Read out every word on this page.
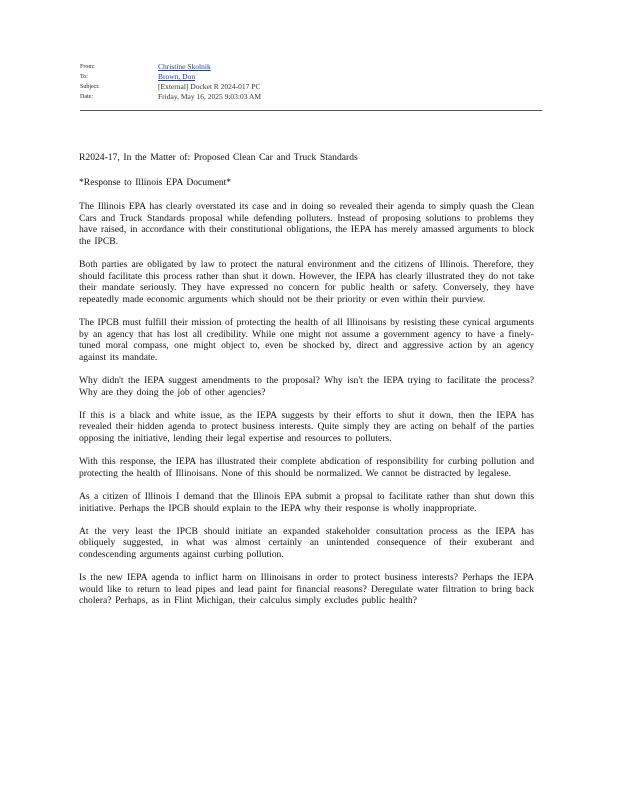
From:	Christine Skolnik
To:	Brown, Don
Subject:	[External] Docket R 2024-017 PC
Date:	Friday, May 16, 2025 9:03:03 AM

R2024-17, In the Matter of: Proposed Clean Car and Truck Standards

*Response to Illinois EPA Document*

The Illinois EPA has clearly overstated its case and in doing so revealed their agenda to simply quash the Clean Cars and Truck Standards proposal while defending polluters. Instead of proposing solutions to problems they have raised, in accordance with their constitutional obligations, the IEPA has merely amassed arguments to block the IPCB.

Both parties are obligated by law to protect the natural environment and the citizens of Illinois. Therefore, they should facilitate this process rather than shut it down. However, the IEPA has clearly illustrated they do not take their mandate seriously. They have expressed no concern for public health or safety. Conversely, they have repeatedly made economic arguments which should not be their priority or even within their purview.

The IPCB must fulfill their mission of protecting the health of all Illinoisans by resisting these cynical arguments by an agency that has lost all credibility. While one might not assume a government agency to have a finely-tuned moral compass, one might object to, even be shocked by, direct and aggressive action by an agency against its mandate.

Why didn't the IEPA suggest amendments to the proposal? Why isn't the IEPA trying to facilitate the process? Why are they doing the job of other agencies?

If this is a black and white issue, as the IEPA suggests by their efforts to shut it down, then the IEPA has revealed their hidden agenda to protect business interests. Quite simply they are acting on behalf of the parties opposing the initiative, lending their legal expertise and resources to polluters.

With this response, the IEPA has illustrated their complete abdication of responsibility for curbing pollution and protecting the health of Illinoisans. None of this should be normalized. We cannot be distracted by legalese.

As a citizen of Illinois I demand that the Illinois EPA submit a propsal to facilitate rather than shut down this initiative. Perhaps the IPCB should explain to the IEPA why their response is wholly inappropriate.

At the very least the IPCB should initiate an expanded stakeholder consultation process as the IEPA has obliquely suggested, in what was almost certainly an unintended consequence of their exuberant and condescending arguments against curbing pollution.

Is the new IEPA agenda to inflict harm on Illinoisans in order to protect business interests? Perhaps the IEPA would like to return to lead pipes and lead paint for financial reasons? Deregulate water filtration to bring back cholera? Perhaps, as in Flint Michigan, their calculus simply excludes public health?
